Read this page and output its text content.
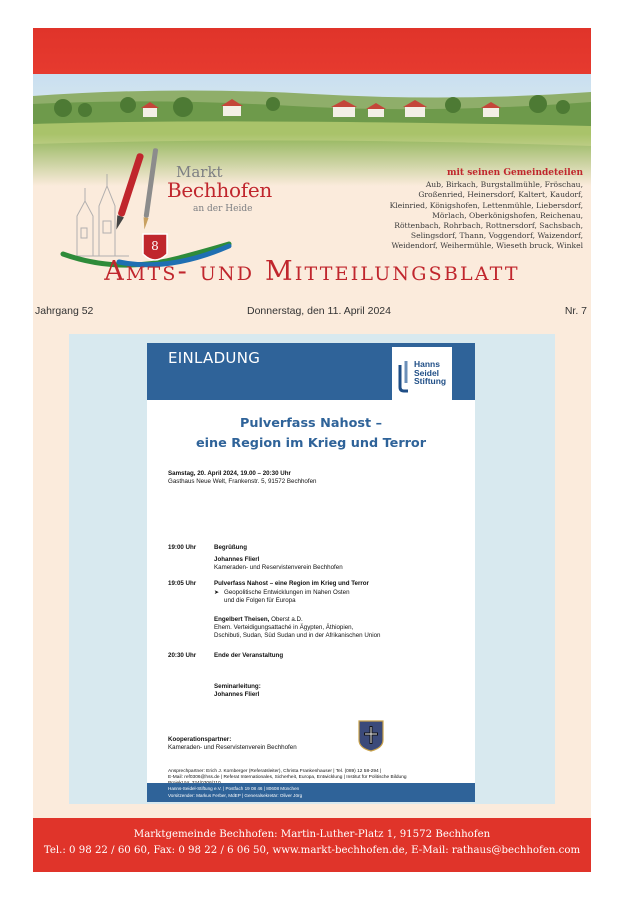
8
Markt
Bechhofen
an der Heide
mit seinen Gemeindeteilen
Aub, Birkach, Burgstallmühle, Fröschau,
Großenried, Heinersdorf, Kaltert, Kaudorf,
Kleinried, Königshofen, Lettenmühle, Liebersdorf,
Mörlach, Oberkönigshofen, Reichenau,
Röttenbach, Rohrbach, Rottnersdorf, Sachsbach,
Selingsdorf, Thann, Voggendorf, Waizendorf,
Weidendorf, Weihermühle, Wieseth bruck, Winkel
Amts- und Mitteilungsblatt
Jahrgang 52	Donnerstag, den 11. April 2024	Nr. 7
EINLADUNG	Hanns
Seidel
Stiftung
Pulverfass Nahost –
eine Region im Krieg und Terror
Samstag, 20. April 2024, 19.00 – 20:30 Uhr
Gasthaus Neue Welt, Frankenstr. 5, 91572 Bechhofen
19:00 Uhr	Begrüßung
Johannes Flierl
Kameraden- und Reservistenverein Bechhofen
19:05 Uhr	Pulverfass Nahost – eine Region im Krieg und Terror
➤ Geopolitische Entwicklungen im Nahen Osten
und die Folgen für Europa
Engelbert Theisen, Oberst a.D.
Ehem. Verteidigungsattaché in Ägypten, Äthiopien,
Dschibuti, Sudan, Süd Sudan und in der Afrikanischen Union
20:30 Uhr	Ende der Veranstaltung
Seminarleitung:
Johannes Flierl
Kooperationspartner:
Kameraden- und Reservistenverein Bechhofen
Ansprechpartner: Erich J. Kornberger (Referatsleiter), Christa Frankenhauser | Tel. (089) 12 58-294 |
E-Mail: ref0306@hss.de | Referat Internationales, Sicherheit, Europa, Entwicklung | Institut für Politische Bildung
Hanns-Seidel-Stiftung e.V. | Postfach 19 08 46 | 80608 München
Vorsitzender: Markus Ferber, MdEP | Generalsekretär: Oliver Jörg
Marktgemeinde Bechhofen: Martin-Luther-Platz 1, 91572 Bechhofen
Tel.: 0 98 22 / 60 60, Fax: 0 98 22 / 6 06 50, www.markt-bechhofen.de, E-Mail: rathaus@bechhofen.com
